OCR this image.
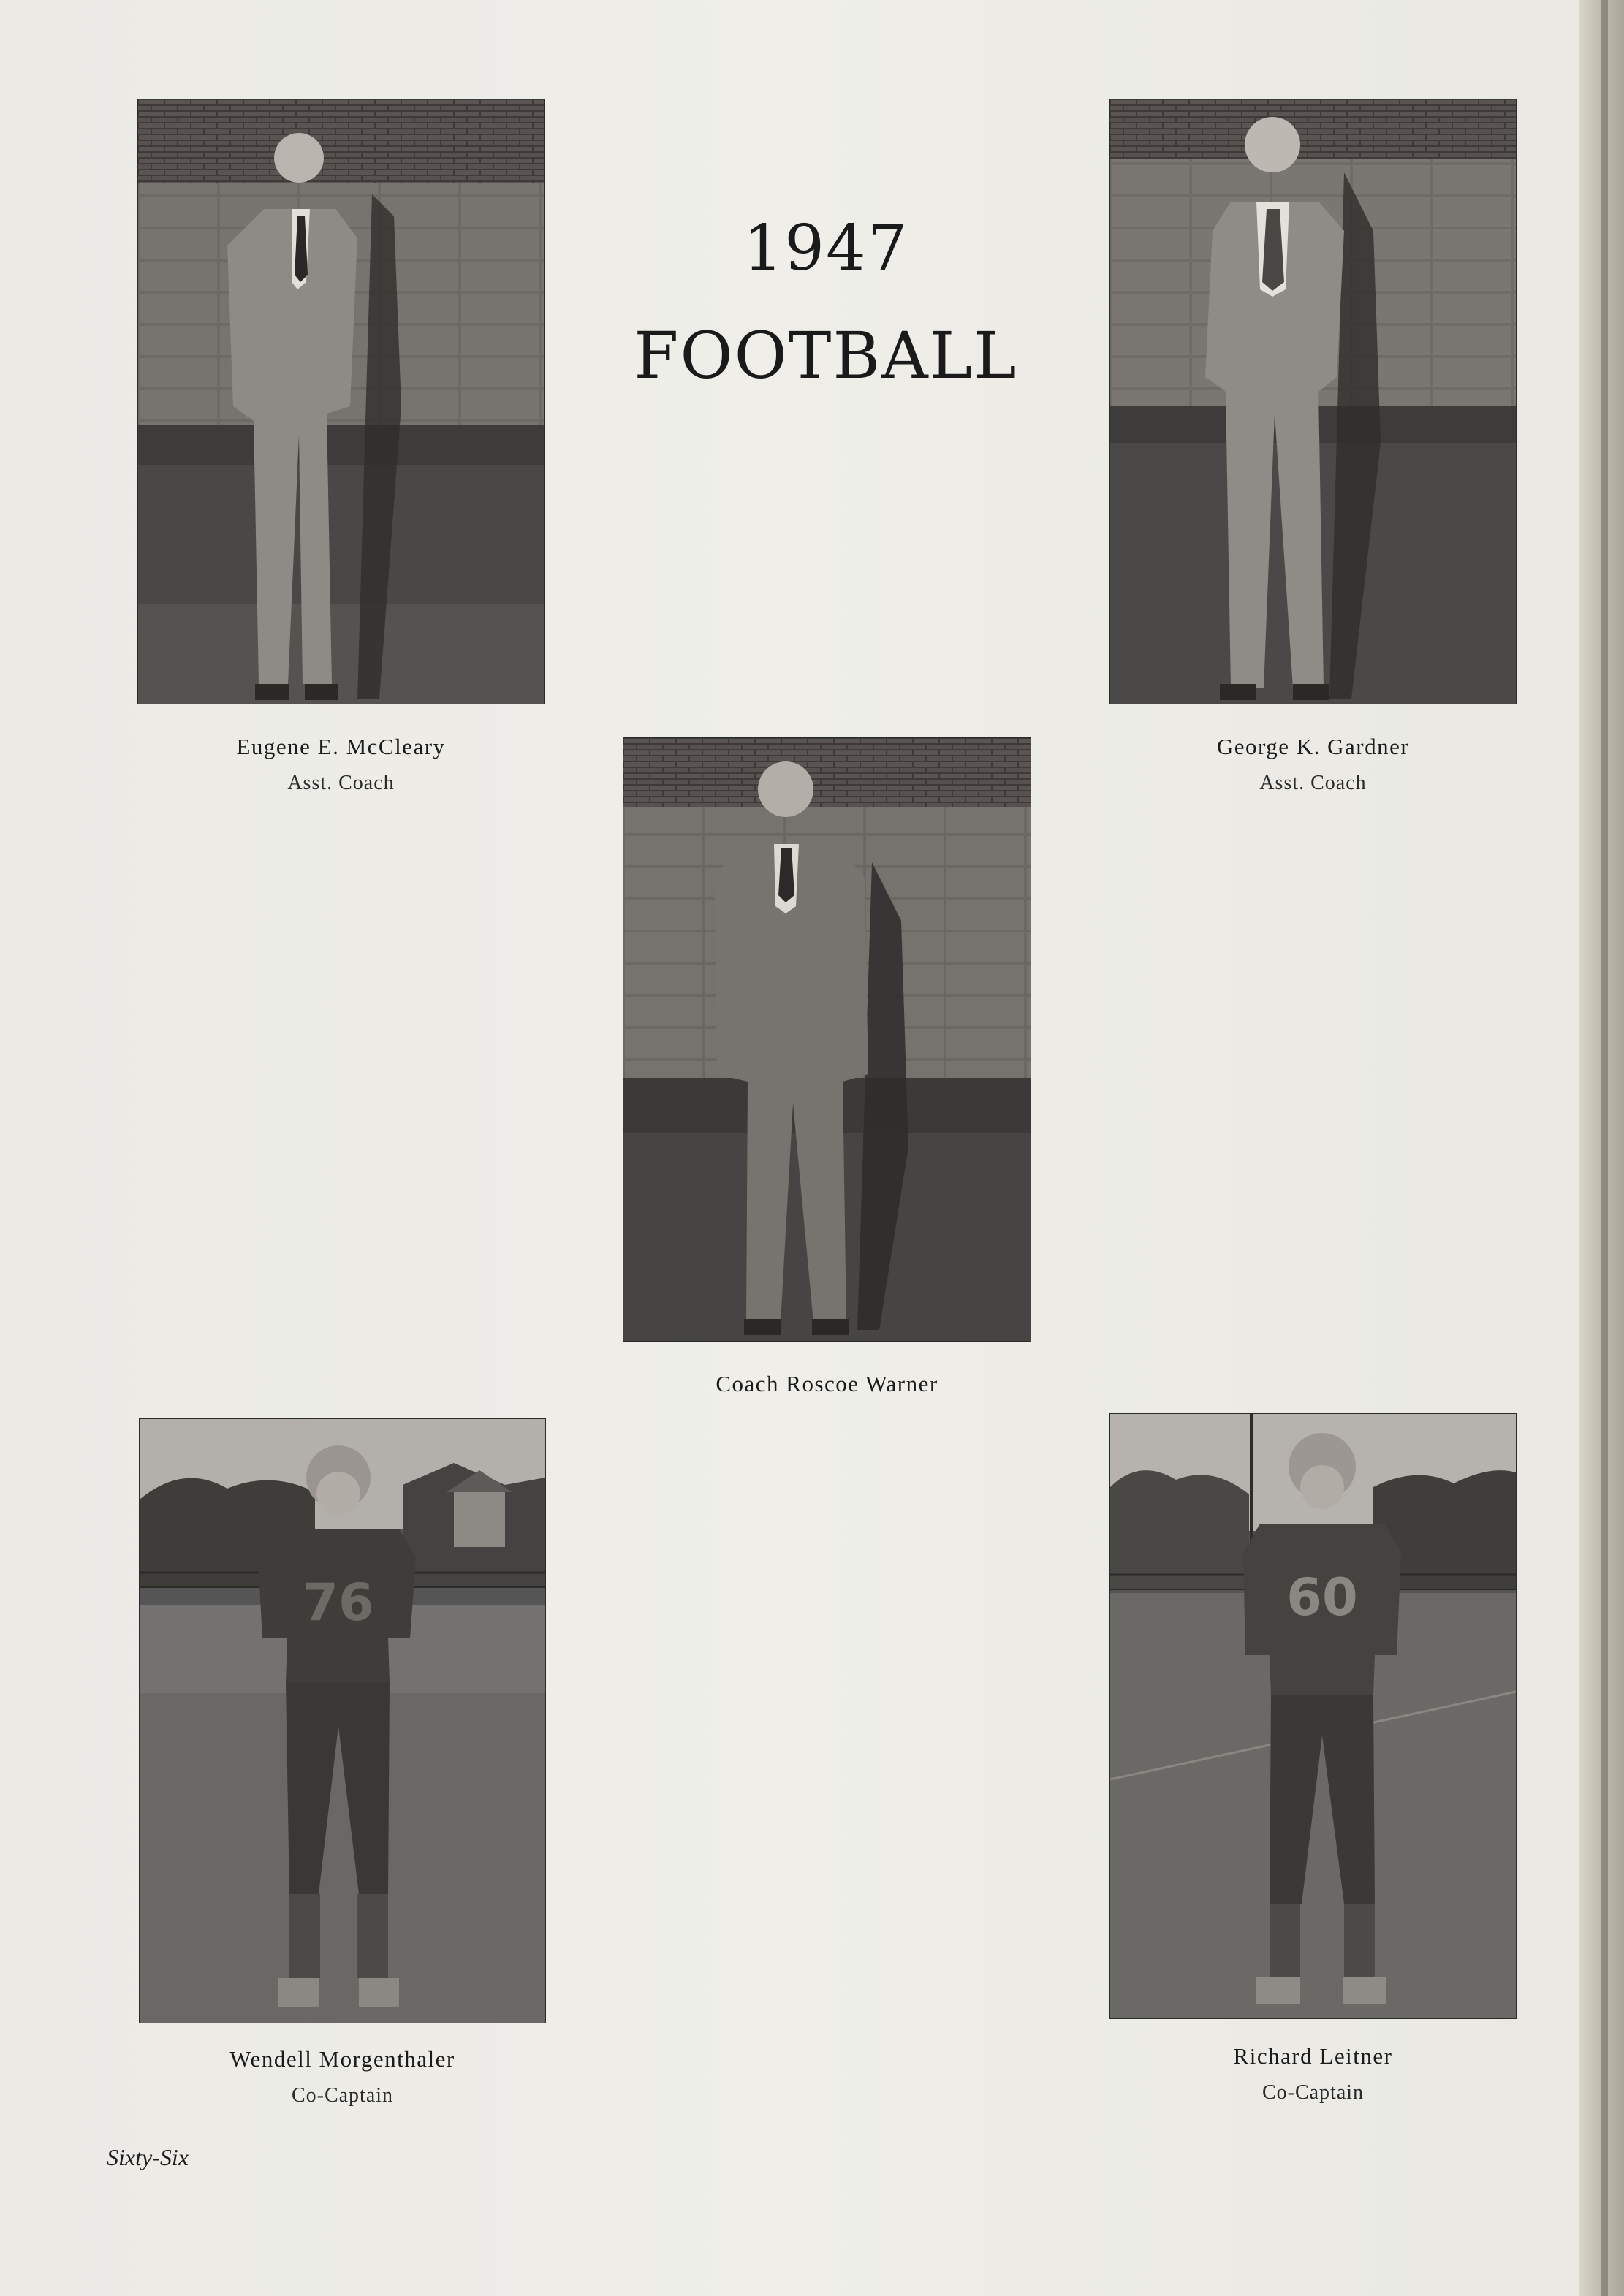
1947
FOOTBALL
Eugene E. McCleary
Asst. Coach
George K. Gardner
Asst. Coach
Coach Roscoe Warner
76
Wendell Morgenthaler
Co-Captain
60
Richard Leitner
Co-Captain
Sixty-Six
